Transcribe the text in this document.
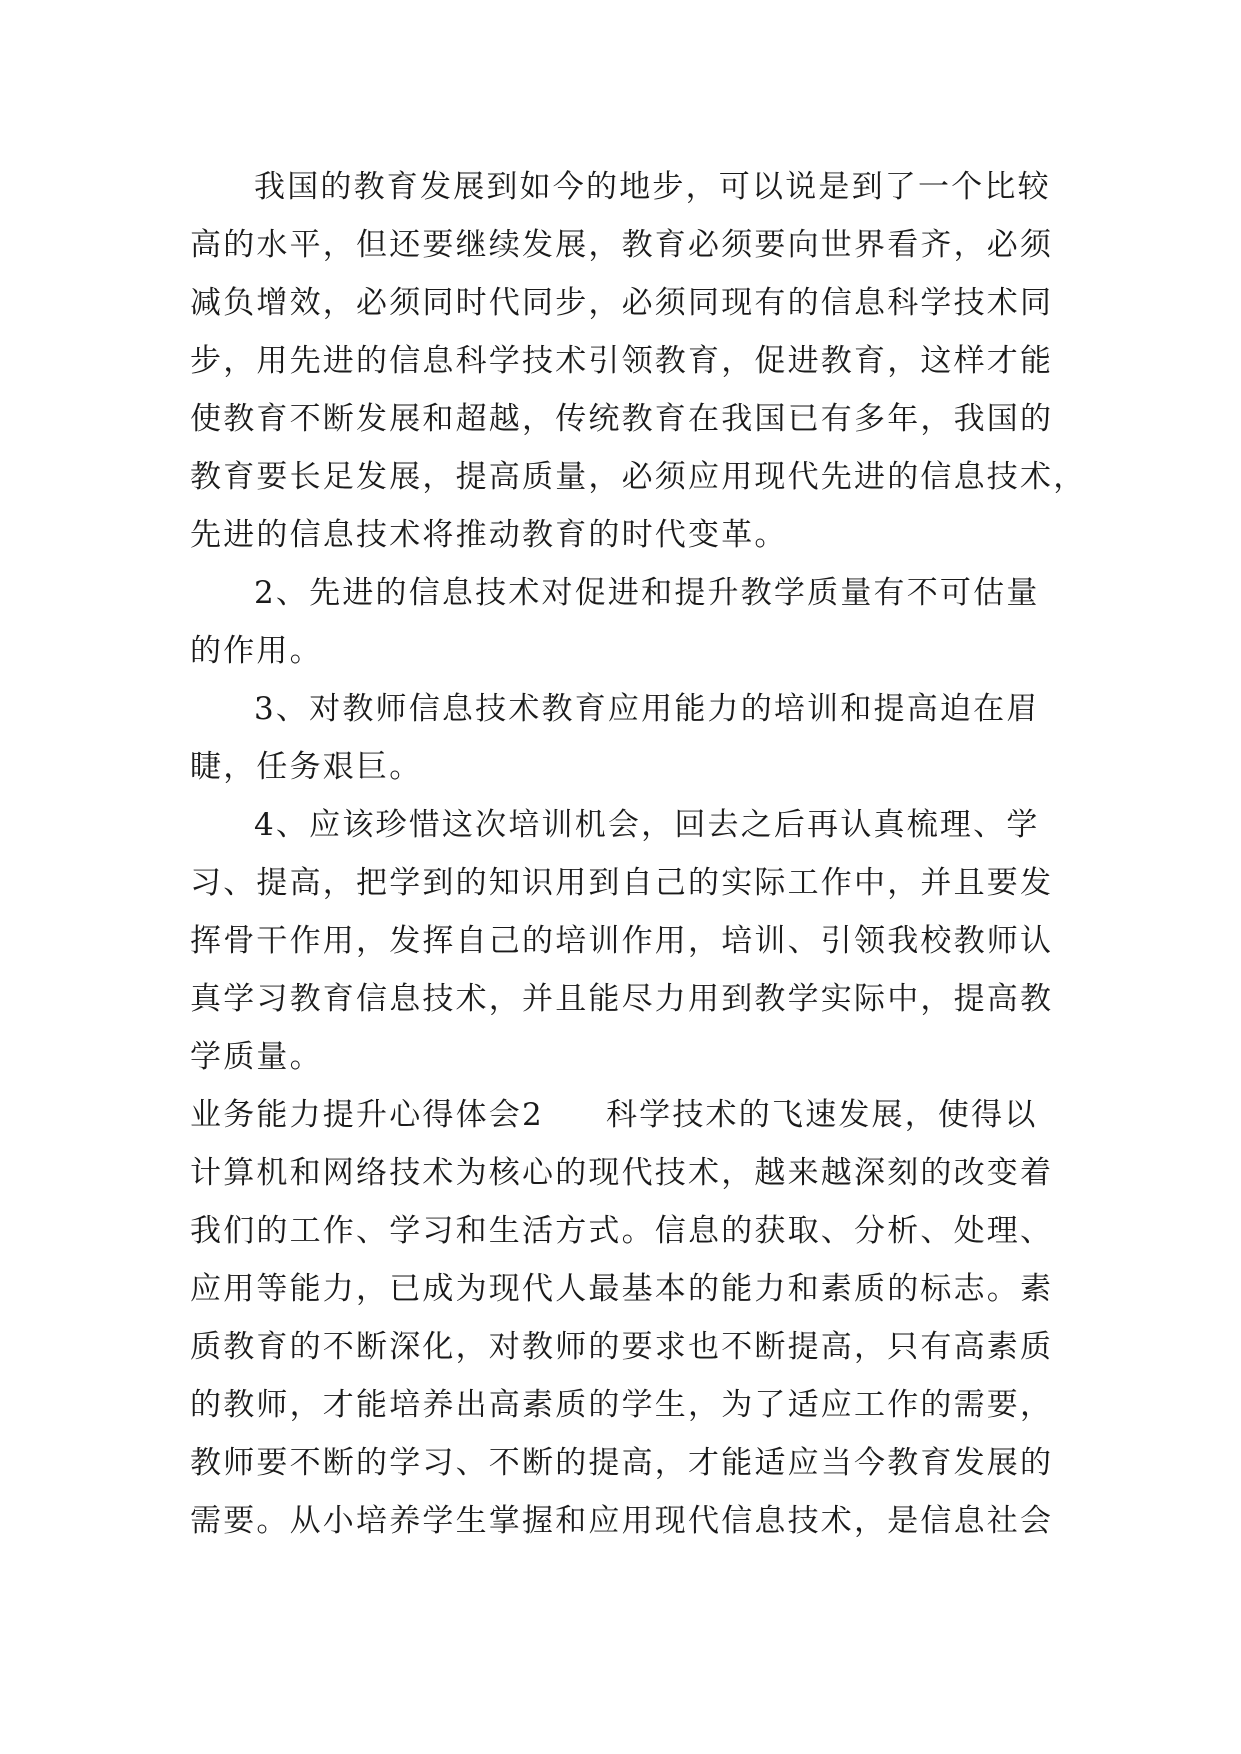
我国的教育发展到如今的地步，可以说是到了一个比较
高的水平，但还要继续发展，教育必须要向世界看齐，必须
减负增效，必须同时代同步，必须同现有的信息科学技术同
步，用先进的信息科学技术引领教育，促进教育，这样才能
使教育不断发展和超越，传统教育在我国已有多年，我国的
教育要长足发展，提高质量，必须应用现代先进的信息技术，
先进的信息技术将推动教育的时代变革。
2、先进的信息技术对促进和提升教学质量有不可估量
的作用。
3、对教师信息技术教育应用能力的培训和提高迫在眉
睫，任务艰巨。
4、应该珍惜这次培训机会，回去之后再认真梳理、学
习、提高，把学到的知识用到自己的实际工作中，并且要发
挥骨干作用，发挥自己的培训作用，培训、引领我校教师认
真学习教育信息技术，并且能尽力用到教学实际中，提高教
学质量。
业务能力提升心得体会2 科学技术的飞速发展，使得以
计算机和网络技术为核心的现代技术，越来越深刻的改变着
我们的工作、学习和生活方式。信息的获取、分析、处理、
应用等能力，已成为现代人最基本的能力和素质的标志。素
质教育的不断深化，对教师的要求也不断提高，只有高素质
的教师，才能培养出高素质的学生，为了适应工作的需要，
教师要不断的学习、不断的提高，才能适应当今教育发展的
需要。从小培养学生掌握和应用现代信息技术，是信息社会
